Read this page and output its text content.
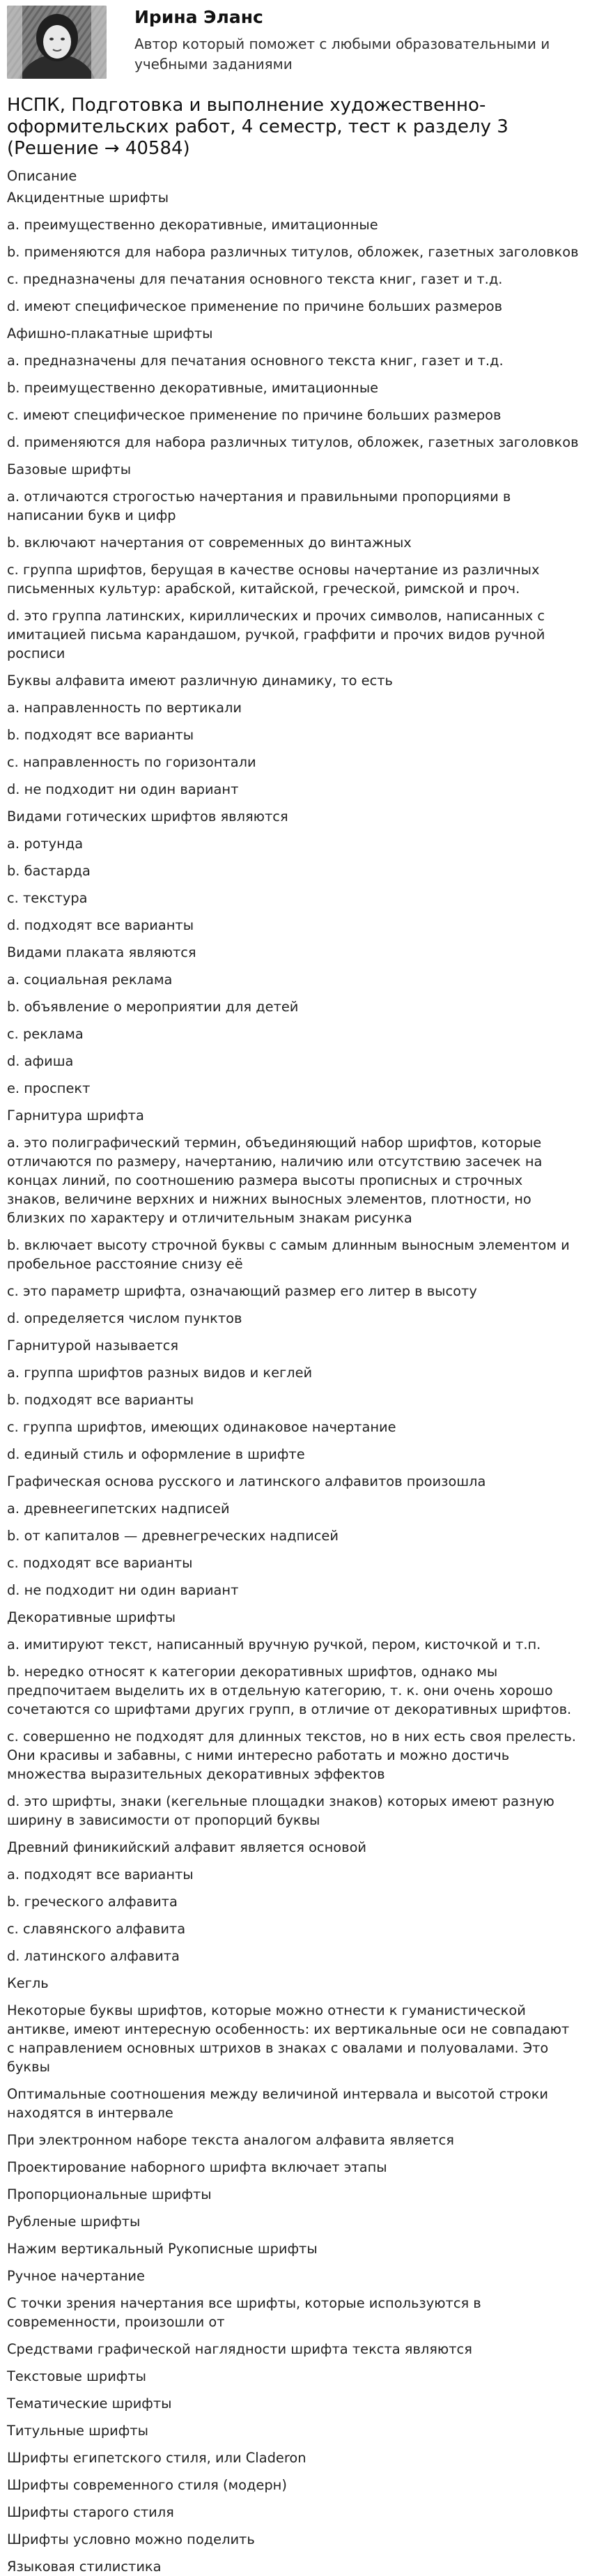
Ирина Эланс
Автор который поможет с любыми образовательными и учебными заданиями
НСПК, Подготовка и выполнение художественно-оформительских работ, 4 семестр, тест к разделу 3 (Решение → 40584)
Описание
Акцидентные шрифты
a. преимущественно декоративные, имитационные
b. применяются для набора различных титулов, обложек, газетных заголовков
c. предназначены для печатания основного текста книг, газет и т.д.
d. имеют специфическое применение по причине больших размеров
Афишно-плакатные шрифты
a. предназначены для печатания основного текста книг, газет и т.д.
b. преимущественно декоративные, имитационные
c. имеют специфическое применение по причине больших размеров
d. применяются для набора различных титулов, обложек, газетных заголовков
Базовые шрифты
a. отличаются строгостью начертания и правильными пропорциями в написании букв и цифр
b. включают начертания от современных до винтажных
c. группа шрифтов, берущая в качестве основы начертание из различных письменных культур: арабской, китайской, греческой, римской и проч.
d. это группа латинских, кириллических и прочих символов, написанных с имитацией письма карандашом, ручкой, граффити и прочих видов ручной росписи
Буквы алфавита имеют различную динамику, то есть
a. направленность по вертикали
b. подходят все варианты
c. направленность по горизонтали
d. не подходит ни один вариант
Видами готических шрифтов являются
a. ротунда
b. бастарда
c. текстура
d. подходят все варианты
Видами плаката являются
a. социальная реклама
b. объявление о мероприятии для детей
c. реклама
d. афиша
e. проспект
Гарнитура шрифта
a. это полиграфический термин, объединяющий набор шрифтов, которые отличаются по размеру, начертанию, наличию или отсутствию засечек на концах линий, по соотношению размера высоты прописных и строчных знаков, величине верхних и нижних выносных элементов, плотности, но близких по характеру и отличительным знакам рисунка
b. включает высоту строчной буквы с самым длинным выносным элементом и пробельное расстояние снизу её
c. это параметр шрифта, означающий размер его литер в высоту
d. определяется числом пунктов
Гарнитурой называется
a. группа шрифтов разных видов и кеглей
b. подходят все варианты
c. группа шрифтов, имеющих одинаковое начертание
d. единый стиль и оформление в шрифте
Графическая основа русского и латинского алфавитов произошла
a. древнеегипетских надписей
b. от капиталов — древнегреческих надписей
c. подходят все варианты
d. не подходит ни один вариант
Декоративные шрифты
a. имитируют текст, написанный вручную ручкой, пером, кисточкой и т.п.
b. нередко относят к категории декоративных шрифтов, однако мы предпочитаем выделить их в отдельную категорию, т. к. они очень хорошо сочетаются со шрифтами других групп, в отличие от декоративных шрифтов.
c. совершенно не подходят для длинных текстов, но в них есть своя прелесть. Они красивы и забавны, с ними интересно работать и можно достичь множества выразительных декоративных эффектов
d. это шрифты, знаки (кегельные площадки знаков) которых имеют разную ширину в зависимости от пропорций буквы
Древний финикийский алфавит является основой
a. подходят все варианты
b. греческого алфавита
c. славянского алфавита
d. латинского алфавита
Кегль
Некоторые буквы шрифтов, которые можно отнести к гуманистической антикве, имеют интересную особенность: их вертикальные оси не совпадают с направлением основных штрихов в знаках с овалами и полуовалами. Это буквы
Оптимальные соотношения между величиной интервала и высотой строки находятся в интервале
При электронном наборе текста аналогом алфавита является
Проектирование наборного шрифта включает этапы
Пропорциональные шрифты
Рубленые шрифты
Нажим вертикальный Рукописные шрифты
Ручное начертание
С точки зрения начертания все шрифты, которые используются в современности, произошли от
Средствами графической наглядности шрифта текста являются
Текстовые шрифты
Тематические шрифты
Титульные шрифты
Шрифты египетского стиля, или Claderon
Шрифты современного стиля (модерн)
Шрифты старого стиля
Шрифты условно можно поделить
Языковая стилистика
